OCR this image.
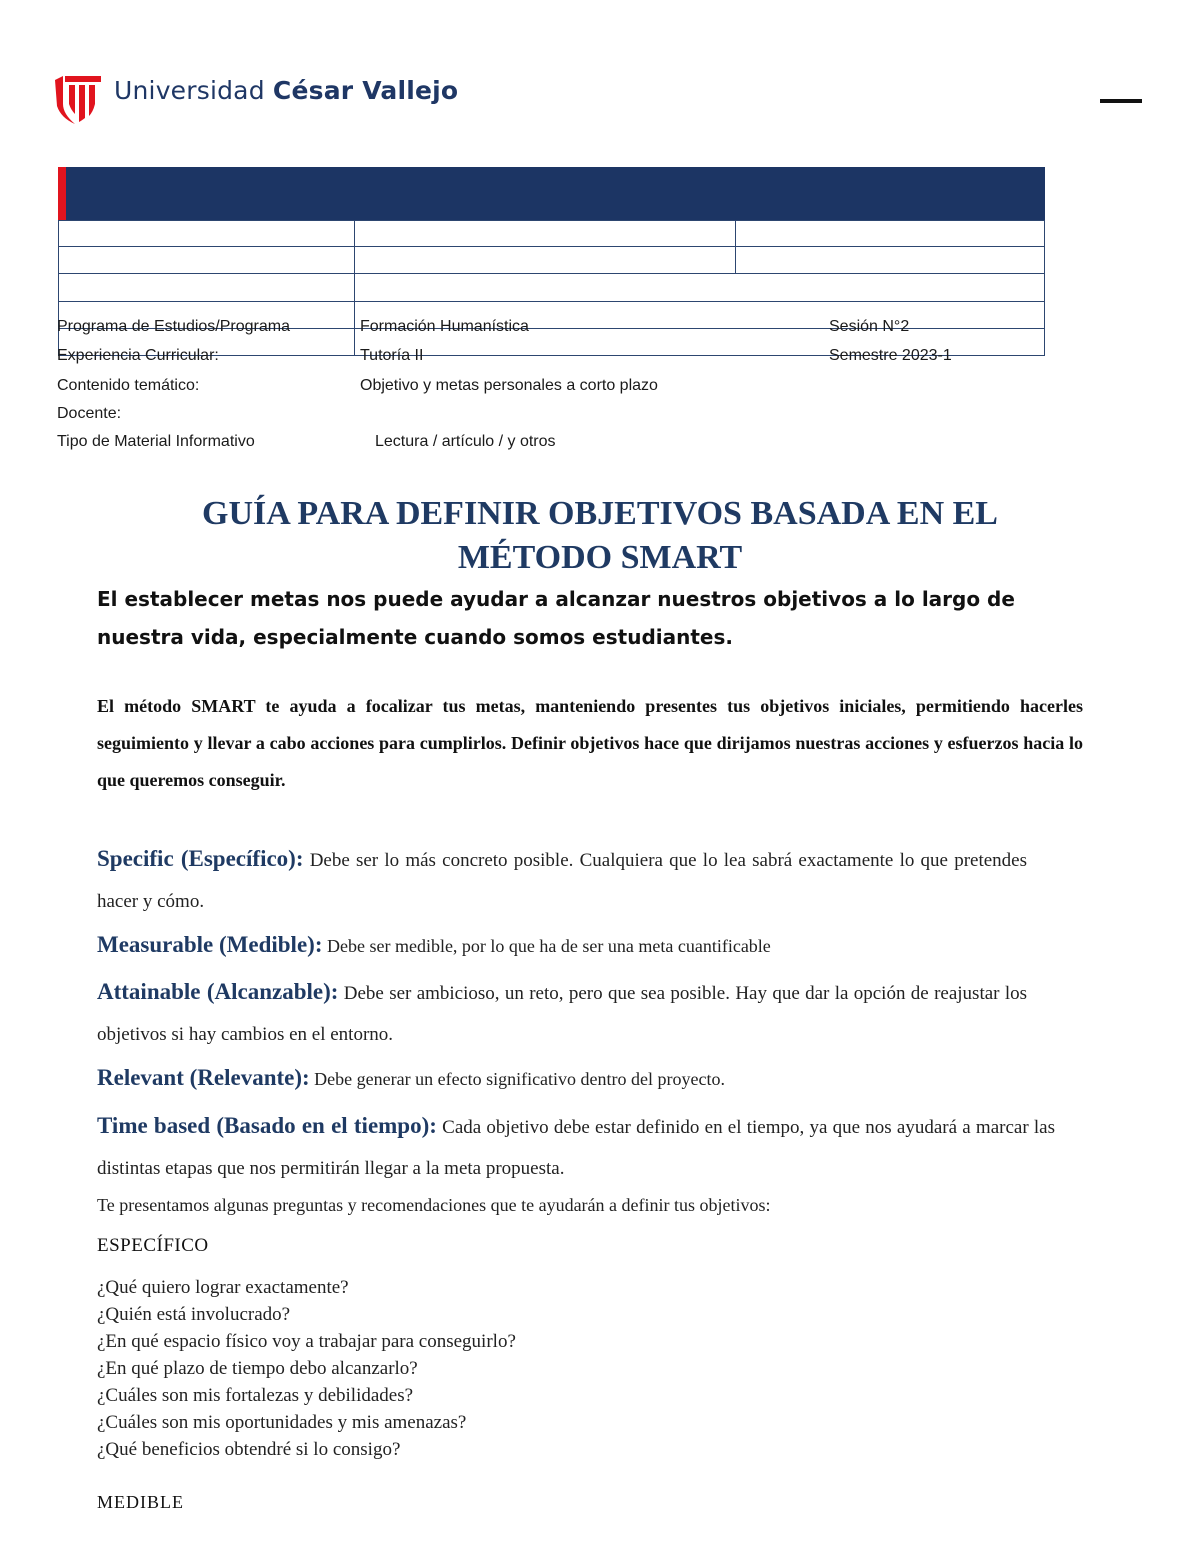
Universidad César Vallejo
Programa de Estudios/Programa	Formación Humanística	Sesión N°2
Experiencia Curricular:	Tutoría II	Semestre 2023-1
Contenido temático:	Objetivo y metas personales a corto plazo
Docente:
Tipo de Material Informativo	Lectura / artículo / y otros
GUÍA PARA DEFINIR OBJETIVOS BASADA EN EL
MÉTODO SMART
El establecer metas nos puede ayudar a alcanzar nuestros objetivos a lo largo de nuestra vida, especialmente cuando somos estudiantes.
El método SMART te ayuda a focalizar tus metas, manteniendo presentes tus objetivos iniciales, permitiendo hacerles seguimiento y llevar a cabo acciones para cumplirlos. Definir objetivos hace que dirijamos nuestras acciones y esfuerzos hacia lo que queremos conseguir.
Specific (Específico): Debe ser lo más concreto posible. Cualquiera que lo lea sabrá exactamente lo que pretendes hacer y cómo.
Measurable (Medible): Debe ser medible, por lo que ha de ser una meta cuantificable
Attainable (Alcanzable): Debe ser ambicioso, un reto, pero que sea posible. Hay que dar la opción de reajustar los objetivos si hay cambios en el entorno.
Relevant (Relevante): Debe generar un efecto significativo dentro del proyecto.
Time based (Basado en el tiempo): Cada objetivo debe estar definido en el tiempo, ya que nos ayudará a marcar las distintas etapas que nos permitirán llegar a la meta propuesta.
Te presentamos algunas preguntas y recomendaciones que te ayudarán a definir tus objetivos:
ESPECÍFICO
¿Qué quiero lograr exactamente?
¿Quién está involucrado?
¿En qué espacio físico voy a trabajar para conseguirlo?
¿En qué plazo de tiempo debo alcanzarlo?
¿Cuáles son mis fortalezas y debilidades?
¿Cuáles son mis oportunidades y mis amenazas?
¿Qué beneficios obtendré si lo consigo?
MEDIBLE
